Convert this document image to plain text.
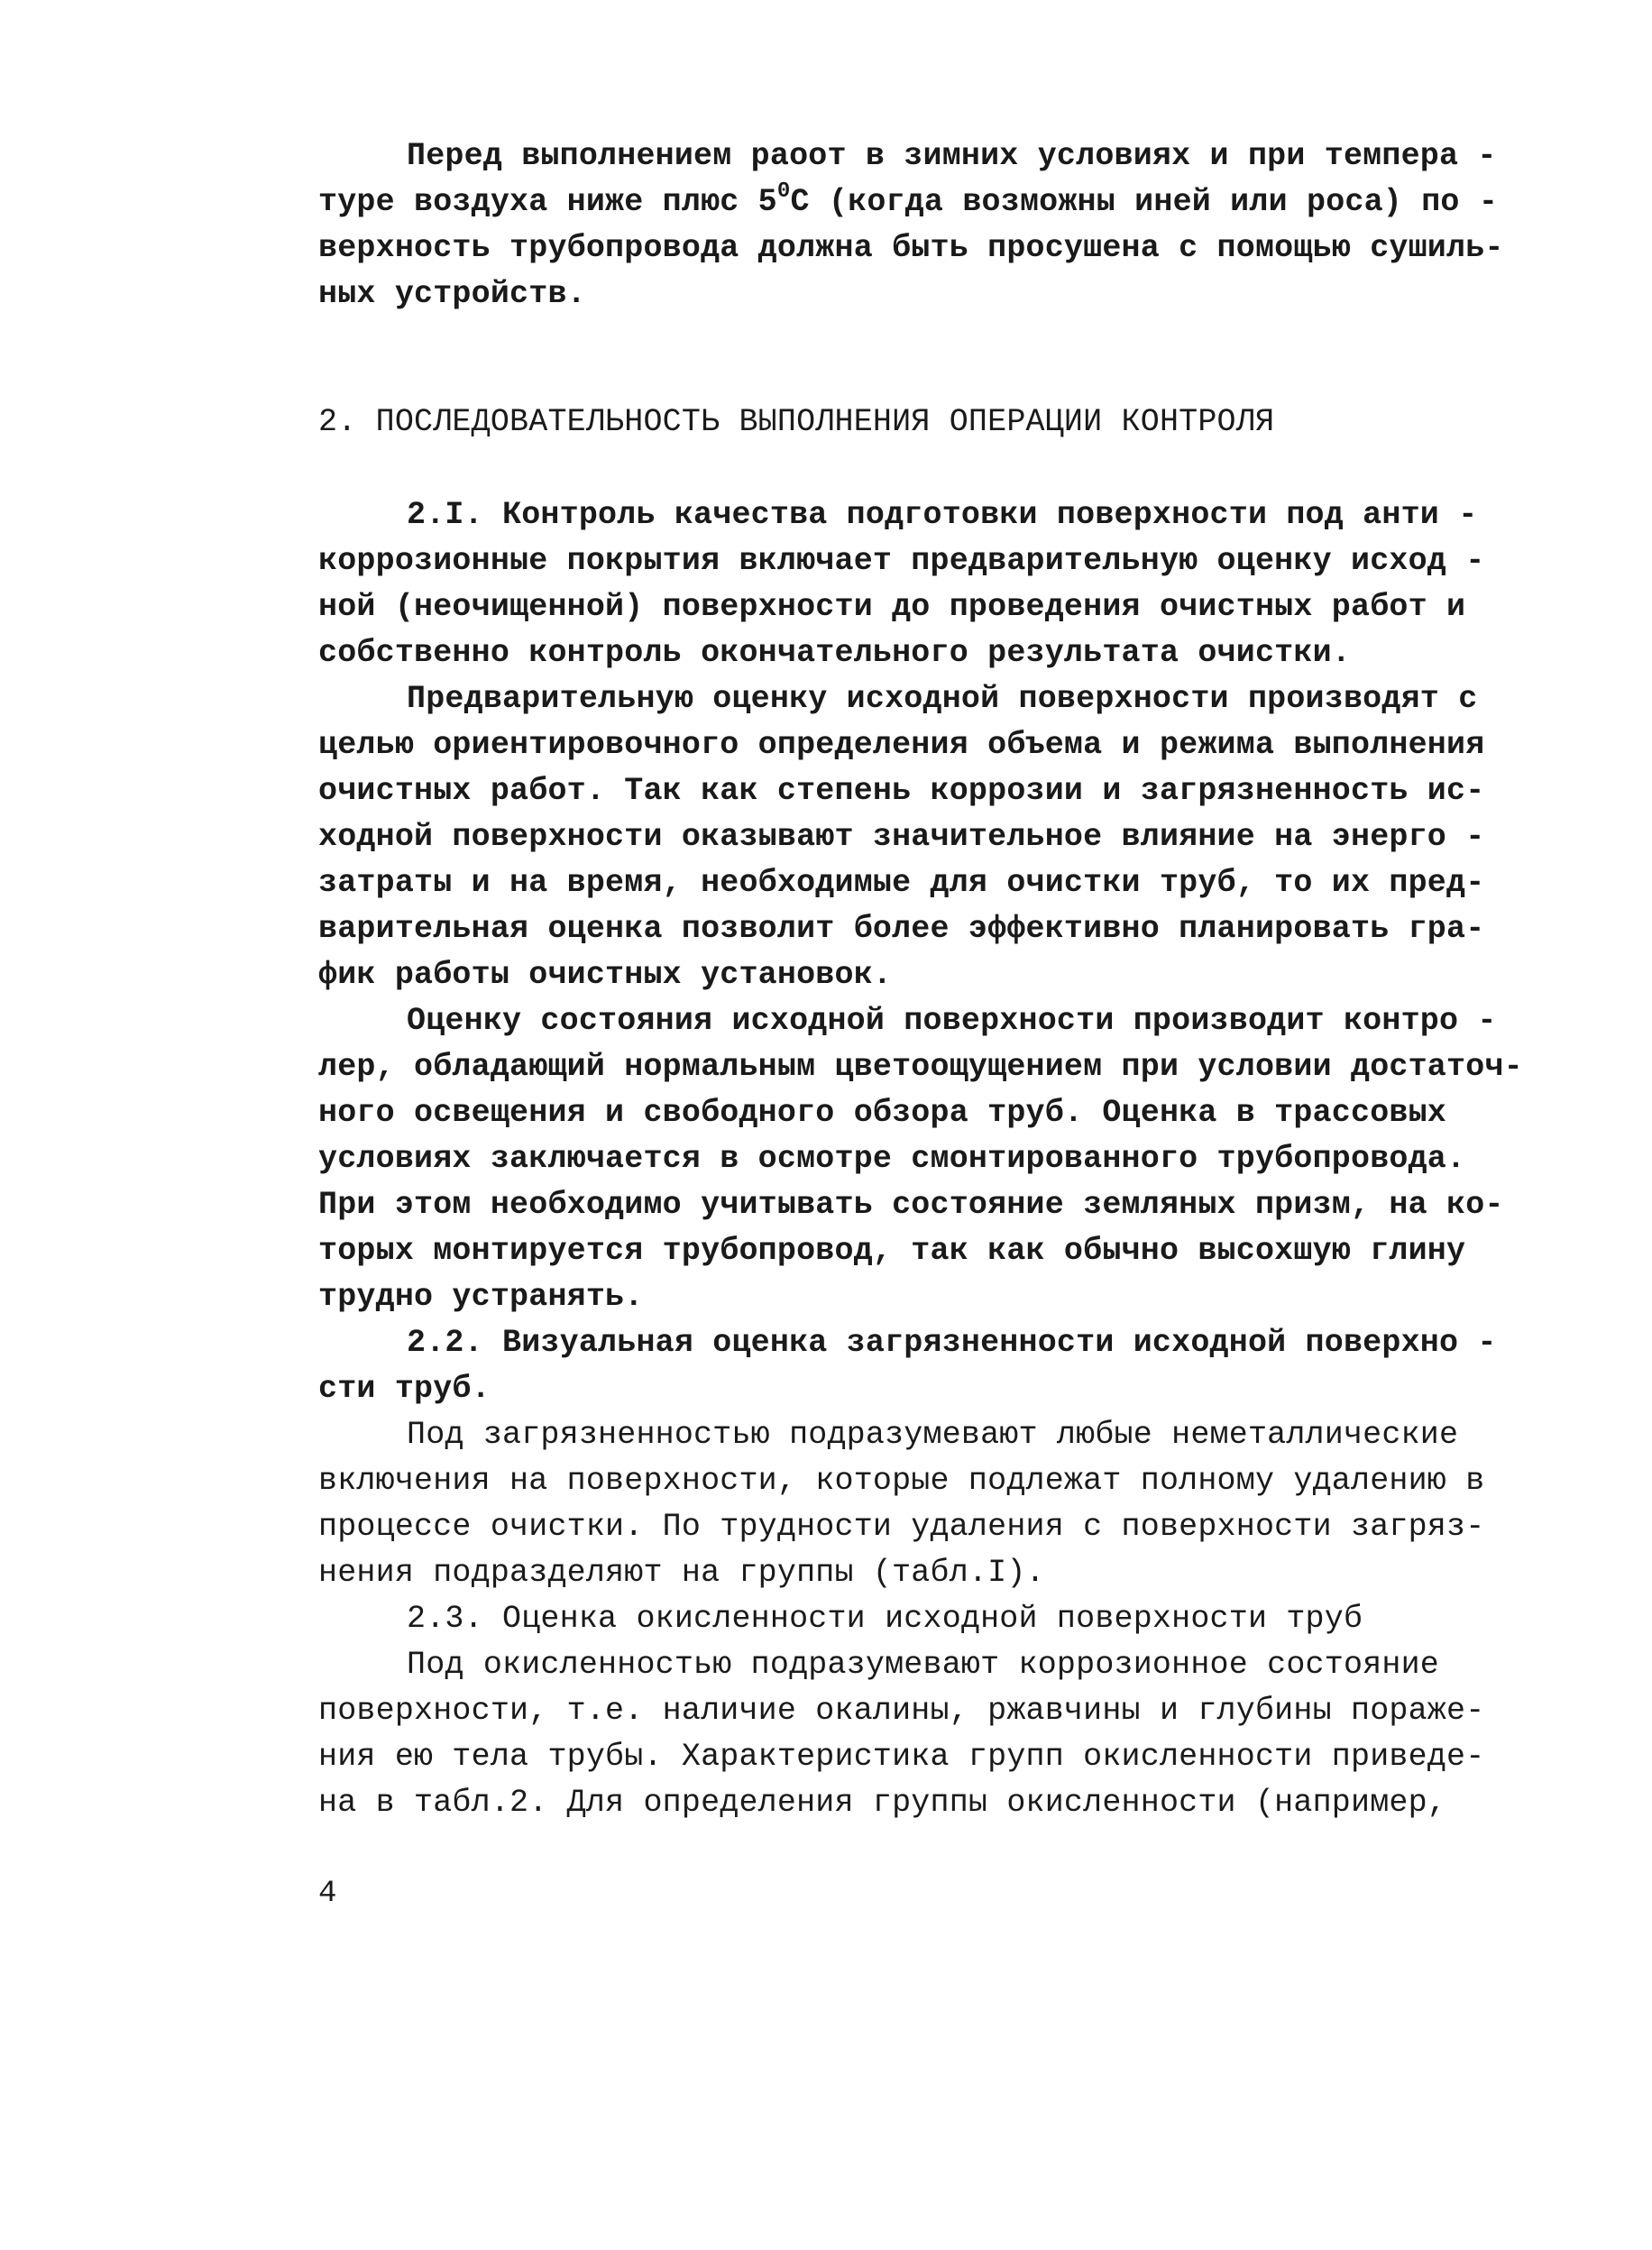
Перед выполнением раоот в зимних условиях и при темпера -
туре воздуха ниже плюс $5^0С$ (когда возможны иней или роса) по -
верхность трубопровода должна быть просушена с помощью сушиль-
ных устройств.
2. ПОСЛЕДОВАТЕЛЬНОСТЬ ВЫПОЛНЕНИЯ ОПЕРАЦИИ КОНТРОЛЯ
2.I. Контроль качества подготовки поверхности под анти -
коррозионные покрытия включает предварительную оценку исход -
ной (неочищенной) поверхности до проведения очистных работ и
собственно контроль окончательного результата очистки.
Предварительную оценку исходной поверхности производят с
целью ориентировочного определения объема и режима выполнения
очистных работ. Так как степень коррозии и загрязненность ис-
ходной поверхности оказывают значительное влияние на энерго -
затраты и на время, необходимые для очистки труб, то их пред-
варительная оценка позволит более эффективно планировать гра-
фик работы очистных установок.
Оценку состояния исходной поверхности производит контро -
лер, обладающий нормальным цветоощущением при условии достаточ-
ного освещения и свободного обзора труб. Оценка в трассовых
условиях заключается в осмотре смонтированного трубопровода.
При этом необходимо учитывать состояние земляных призм, на ко-
торых монтируется трубопровод, так как обычно высохшую глину
трудно устранять.
2.2. Визуальная оценка загрязненности исходной поверхно -
сти труб.
Под загрязненностью подразумевают любые неметаллические
включения на поверхности, которые подлежат полному удалению в
процессе очистки. По трудности удаления с поверхности загряз-
нения подразделяют на группы (табл.I).
2.3. Оценка окисленности исходной поверхности труб
Под окисленностью подразумевают коррозионное состояние
поверхности, т.е. наличие окалины, ржавчины и глубины пораже-
ния ею тела трубы. Характеристика групп окисленности приведе-
на в табл.2. Для определения группы окисленности (например,
4
